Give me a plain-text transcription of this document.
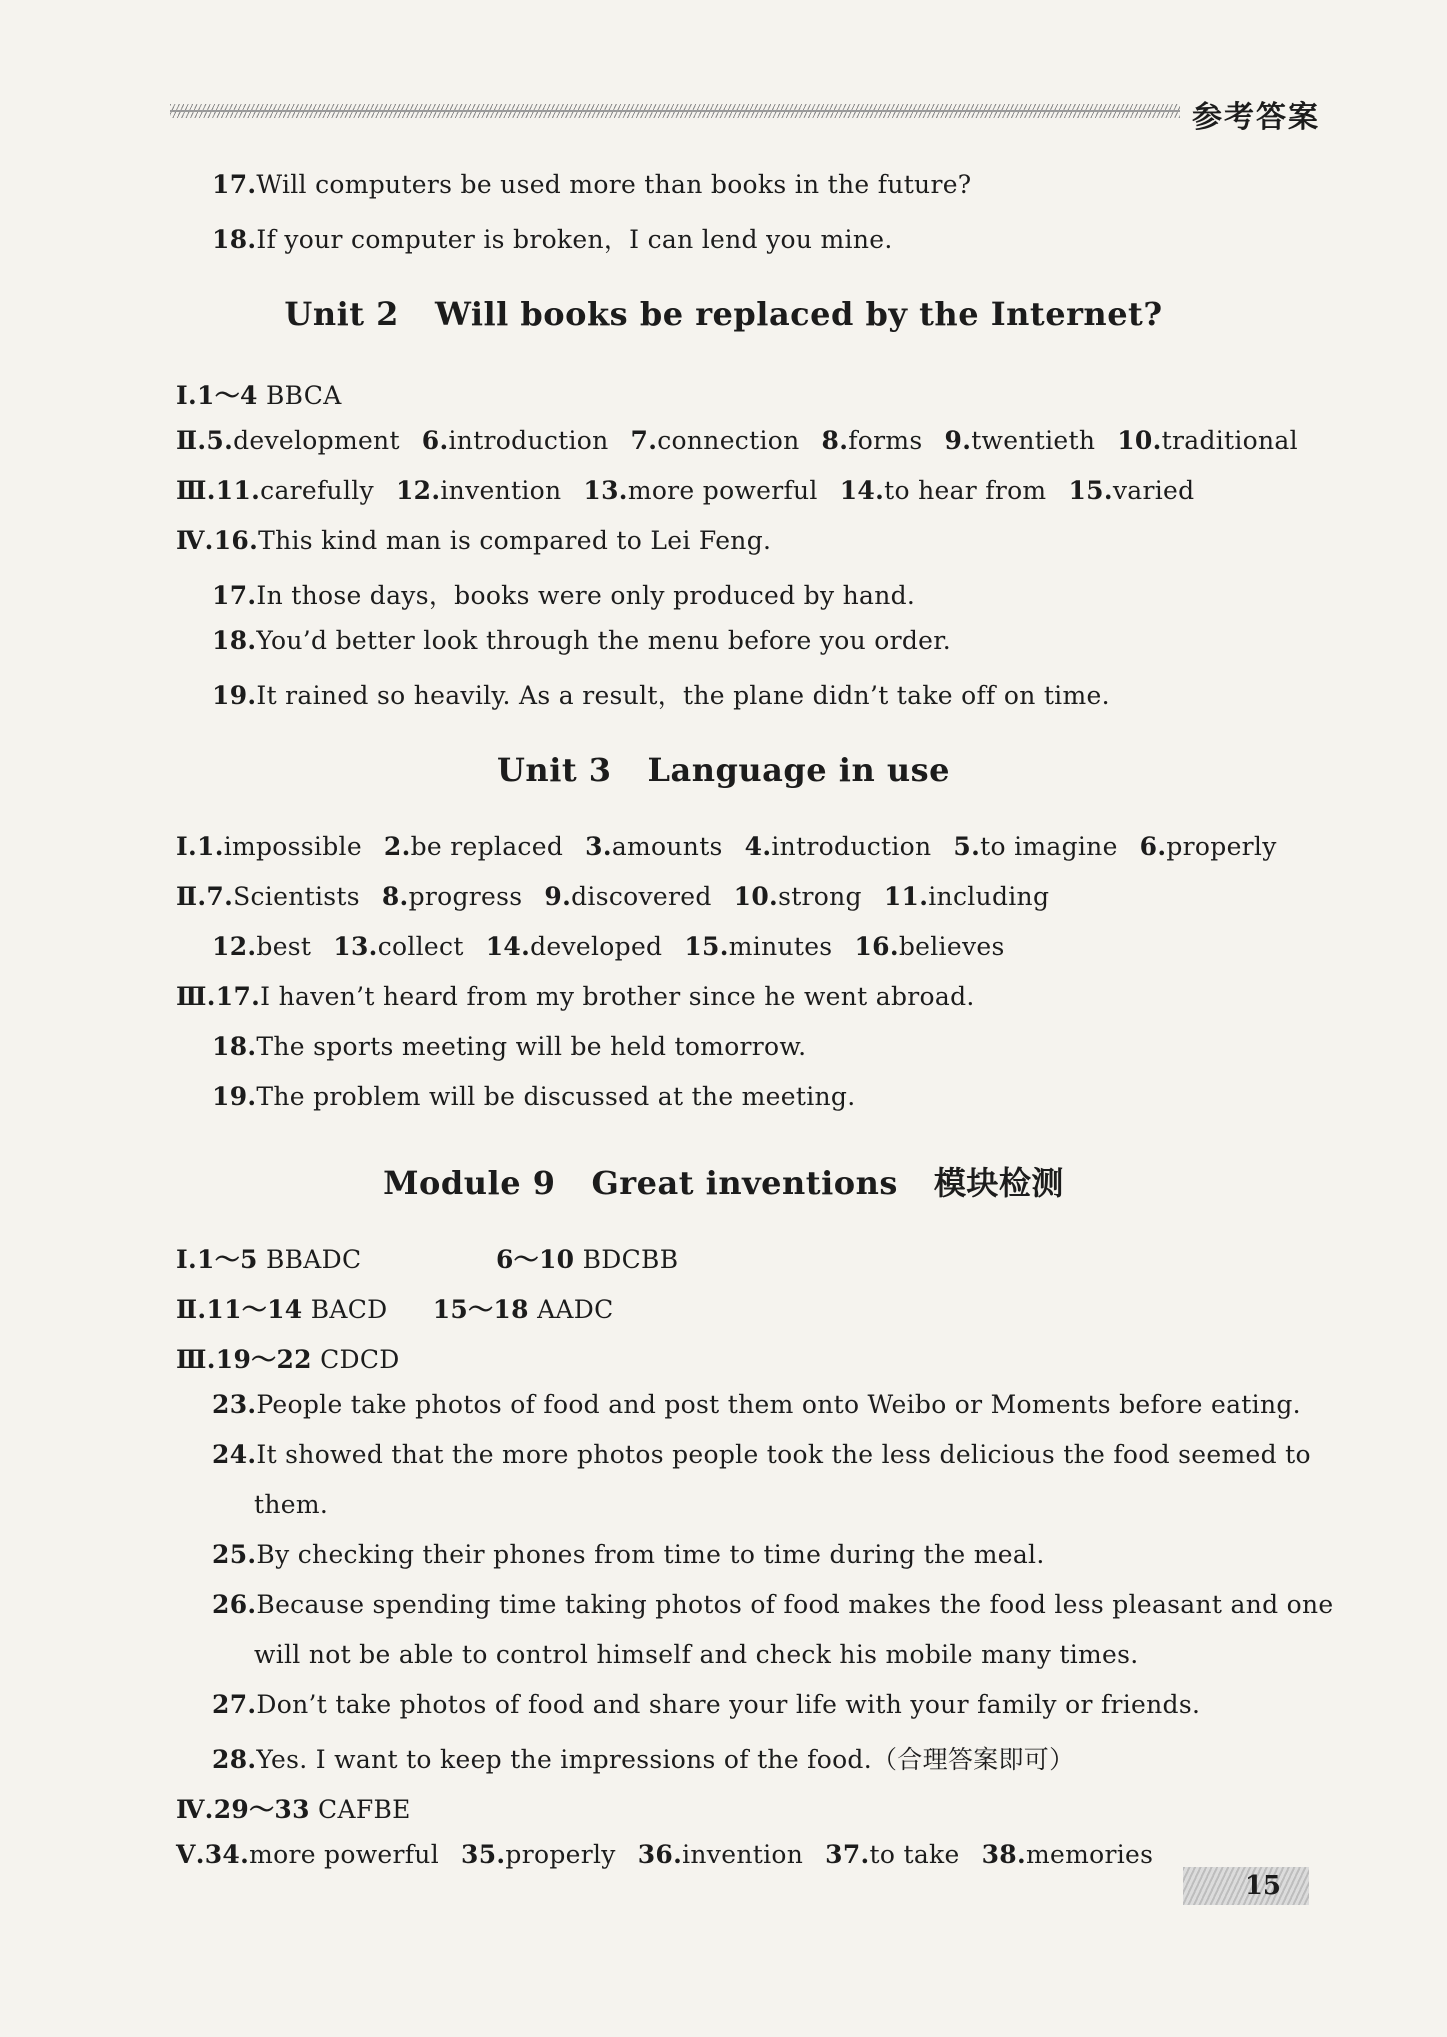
参考答案
17.Will computers be used more than books in the future?
18.If your computer is broken，I can lend you mine.
Unit 2 Will books be replaced by the Internet?
Ⅰ.1～4 BBCA
Ⅱ.5.development 6.introduction 7.connection 8.forms 9.twentieth 10.traditional
Ⅲ.11.carefully 12.invention 13.more powerful 14.to hear from 15.varied
Ⅳ.16.This kind man is compared to Lei Feng.
17.In those days，books were only produced by hand.
18.You’d better look through the menu before you order.
19.It rained so heavily. As a result，the plane didn’t take off on time.
Unit 3 Language in use
Ⅰ.1.impossible 2.be replaced 3.amounts 4.introduction 5.to imagine 6.properly
Ⅱ.7.Scientists 8.progress 9.discovered 10.strong 11.including
12.best 13.collect 14.developed 15.minutes 16.believes
Ⅲ.17.I haven’t heard from my brother since he went abroad.
18.The sports meeting will be held tomorrow.
19.The problem will be discussed at the meeting.
Module 9 Great inventions 模块检测
Ⅰ.1～5 BBADC	6～10 BDCBB
Ⅱ.11～14 BACD 15～18 AADC
Ⅲ.19～22 CDCD
23.People take photos of food and post them onto Weibo or Moments before eating.
24.It showed that the more photos people took the less delicious the food seemed to
them.
25.By checking their phones from time to time during the meal.
26.Because spending time taking photos of food makes the food less pleasant and one
will not be able to control himself and check his mobile many times.
27.Don’t take photos of food and share your life with your family or friends.
28.Yes. I want to keep the impressions of the food.（合理答案即可）
Ⅳ.29～33 CAFBE
Ⅴ.34.more powerful 35.properly 36.invention 37.to take 38.memories
15
